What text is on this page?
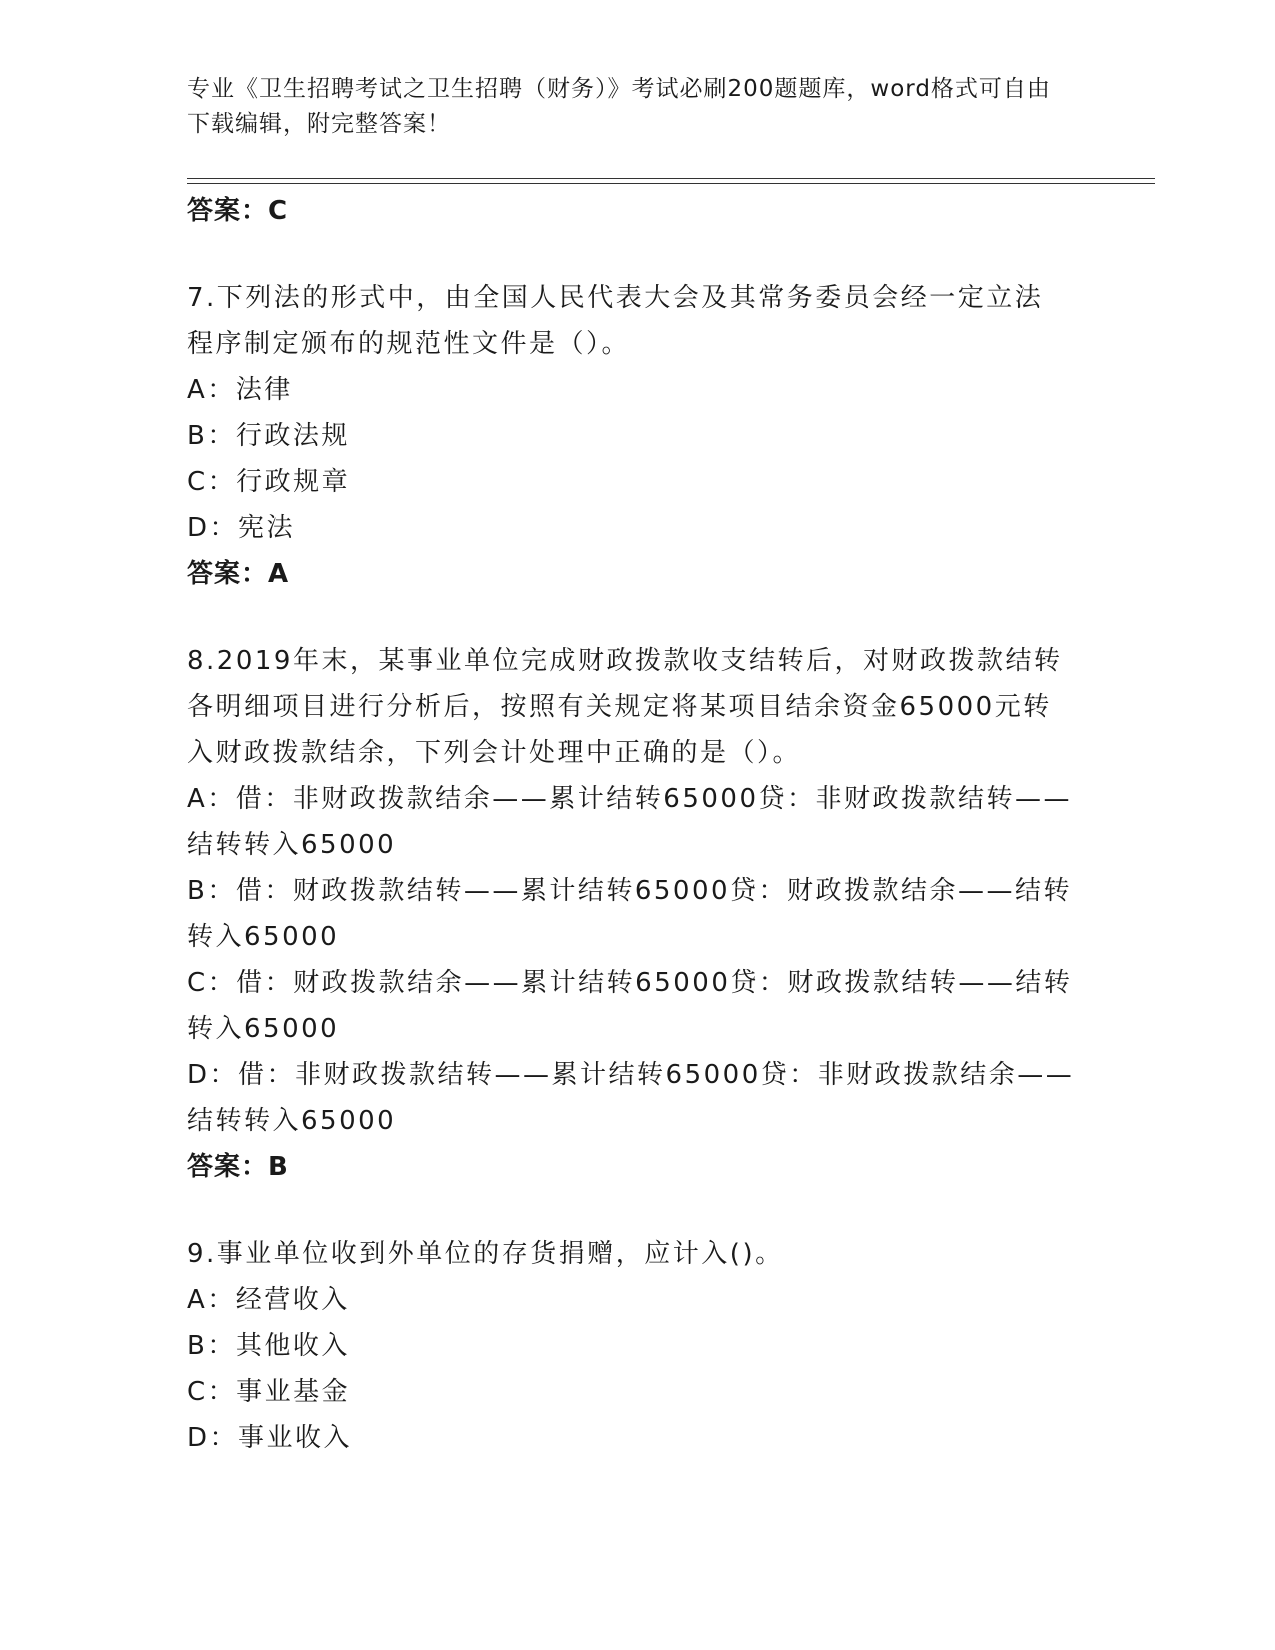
专业《卫生招聘考试之卫生招聘（财务）》考试必刷200题题库，word格式可自由下载编辑，附完整答案！
答案：C
7.下列法的形式中，由全国人民代表大会及其常务委员会经一定立法
程序制定颁布的规范性文件是（）。
A：法律
B：行政法规
C：行政规章
D：宪法
答案：A
8.2019年末，某事业单位完成财政拨款收支结转后，对财政拨款结转
各明细项目进行分析后，按照有关规定将某项目结余资金65000元转
入财政拨款结余，下列会计处理中正确的是（）。
A：借：非财政拨款结余——累计结转65000贷：非财政拨款结转——
结转转入65000
B：借：财政拨款结转——累计结转65000贷：财政拨款结余——结转
转入65000
C：借：财政拨款结余——累计结转65000贷：财政拨款结转——结转
转入65000
D：借：非财政拨款结转——累计结转65000贷：非财政拨款结余——
结转转入65000
答案：B
9.事业单位收到外单位的存货捐赠，应计入()。
A：经营收入
B：其他收入
C：事业基金
D：事业收入
